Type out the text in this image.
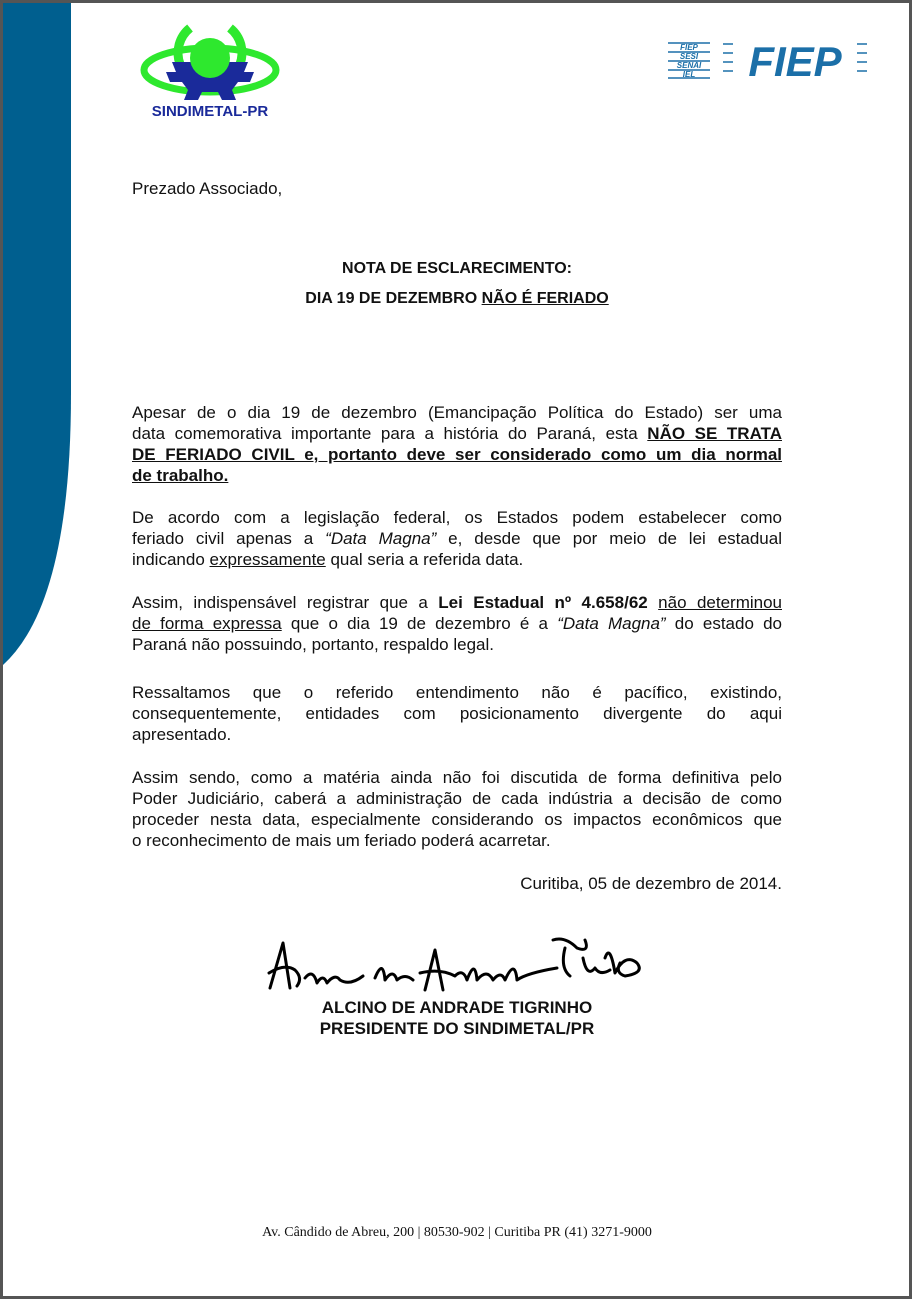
SINDIMETAL-PR
FIEP
SESI
SENAI
IEL FIEP
Prezado Associado,
NOTA DE ESCLARECIMENTO:
DIA 19 DE DEZEMBRO NÃO É FERIADO
Apesar de o dia 19 de dezembro (Emancipação Política do Estado) ser uma
data comemorativa importante para a história do Paraná, esta NÃO SE TRATA
DE FERIADO CIVIL e, portanto deve ser considerado como um dia normal
de trabalho.
De acordo com a legislação federal, os Estados podem estabelecer como
feriado civil apenas a “Data Magna” e, desde que por meio de lei estadual
indicando expressamente qual seria a referida data.
Assim, indispensável registrar que a Lei Estadual nº 4.658/62 não determinou
de forma expressa que o dia 19 de dezembro é a “Data Magna” do estado do
Paraná não possuindo, portanto, respaldo legal.
Ressaltamos que o referido entendimento não é pacífico, existindo,
consequentemente, entidades com posicionamento divergente do aqui
apresentado.
Assim sendo, como a matéria ainda não foi discutida de forma definitiva pelo
Poder Judiciário, caberá a administração de cada indústria a decisão de como
proceder nesta data, especialmente considerando os impactos econômicos que
o reconhecimento de mais um feriado poderá acarretar.
Curitiba, 05 de dezembro de 2014.
ALCINO DE ANDRADE TIGRINHO
PRESIDENTE DO SINDIMETAL/PR
Av. Cândido de Abreu, 200 | 80530-902 | Curitiba PR (41) 3271-9000
